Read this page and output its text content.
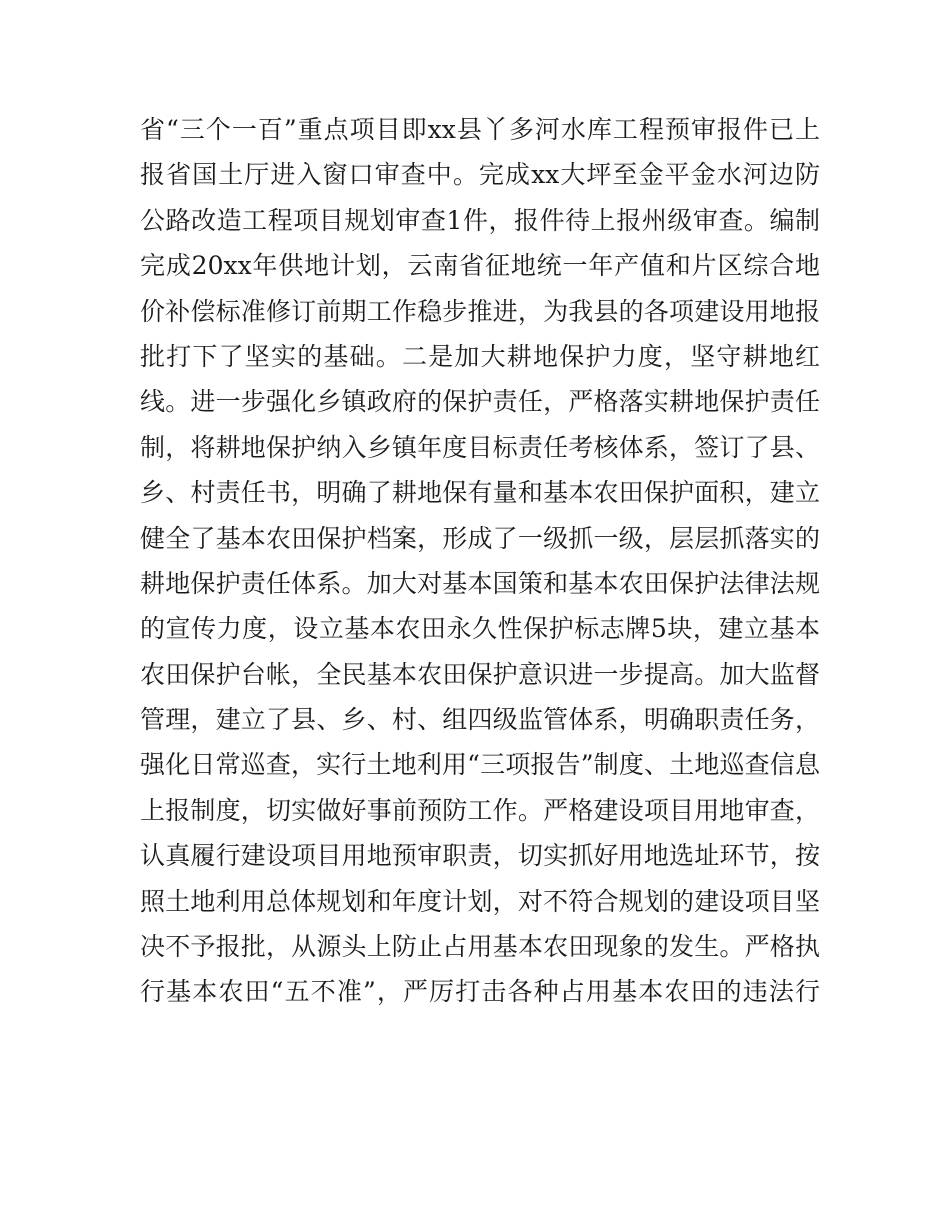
省“三个一百”重点项目即xx县丫多河水库工程预审报件已上
报省国土厅进入窗口审查中。完成xx大坪至金平金水河边防
公路改造工程项目规划审查1件，报件待上报州级审查。编制
完成20xx年供地计划，云南省征地统一年产值和片区综合地
价补偿标准修订前期工作稳步推进，为我县的各项建设用地报
批打下了坚实的基础。二是加大耕地保护力度，坚守耕地红
线。进一步强化乡镇政府的保护责任，严格落实耕地保护责任
制，将耕地保护纳入乡镇年度目标责任考核体系，签订了县、
乡、村责任书，明确了耕地保有量和基本农田保护面积，建立
健全了基本农田保护档案，形成了一级抓一级，层层抓落实的
耕地保护责任体系。加大对基本国策和基本农田保护法律法规
的宣传力度，设立基本农田永久性保护标志牌5块，建立基本
农田保护台帐，全民基本农田保护意识进一步提高。加大监督
管理，建立了县、乡、村、组四级监管体系，明确职责任务，
强化日常巡查，实行土地利用“三项报告”制度、土地巡查信息
上报制度，切实做好事前预防工作。严格建设项目用地审查，
认真履行建设项目用地预审职责，切实抓好用地选址环节，按
照土地利用总体规划和年度计划，对不符合规划的建设项目坚
决不予报批，从源头上防止占用基本农田现象的发生。严格执
行基本农田“五不准”，严厉打击各种占用基本农田的违法行
